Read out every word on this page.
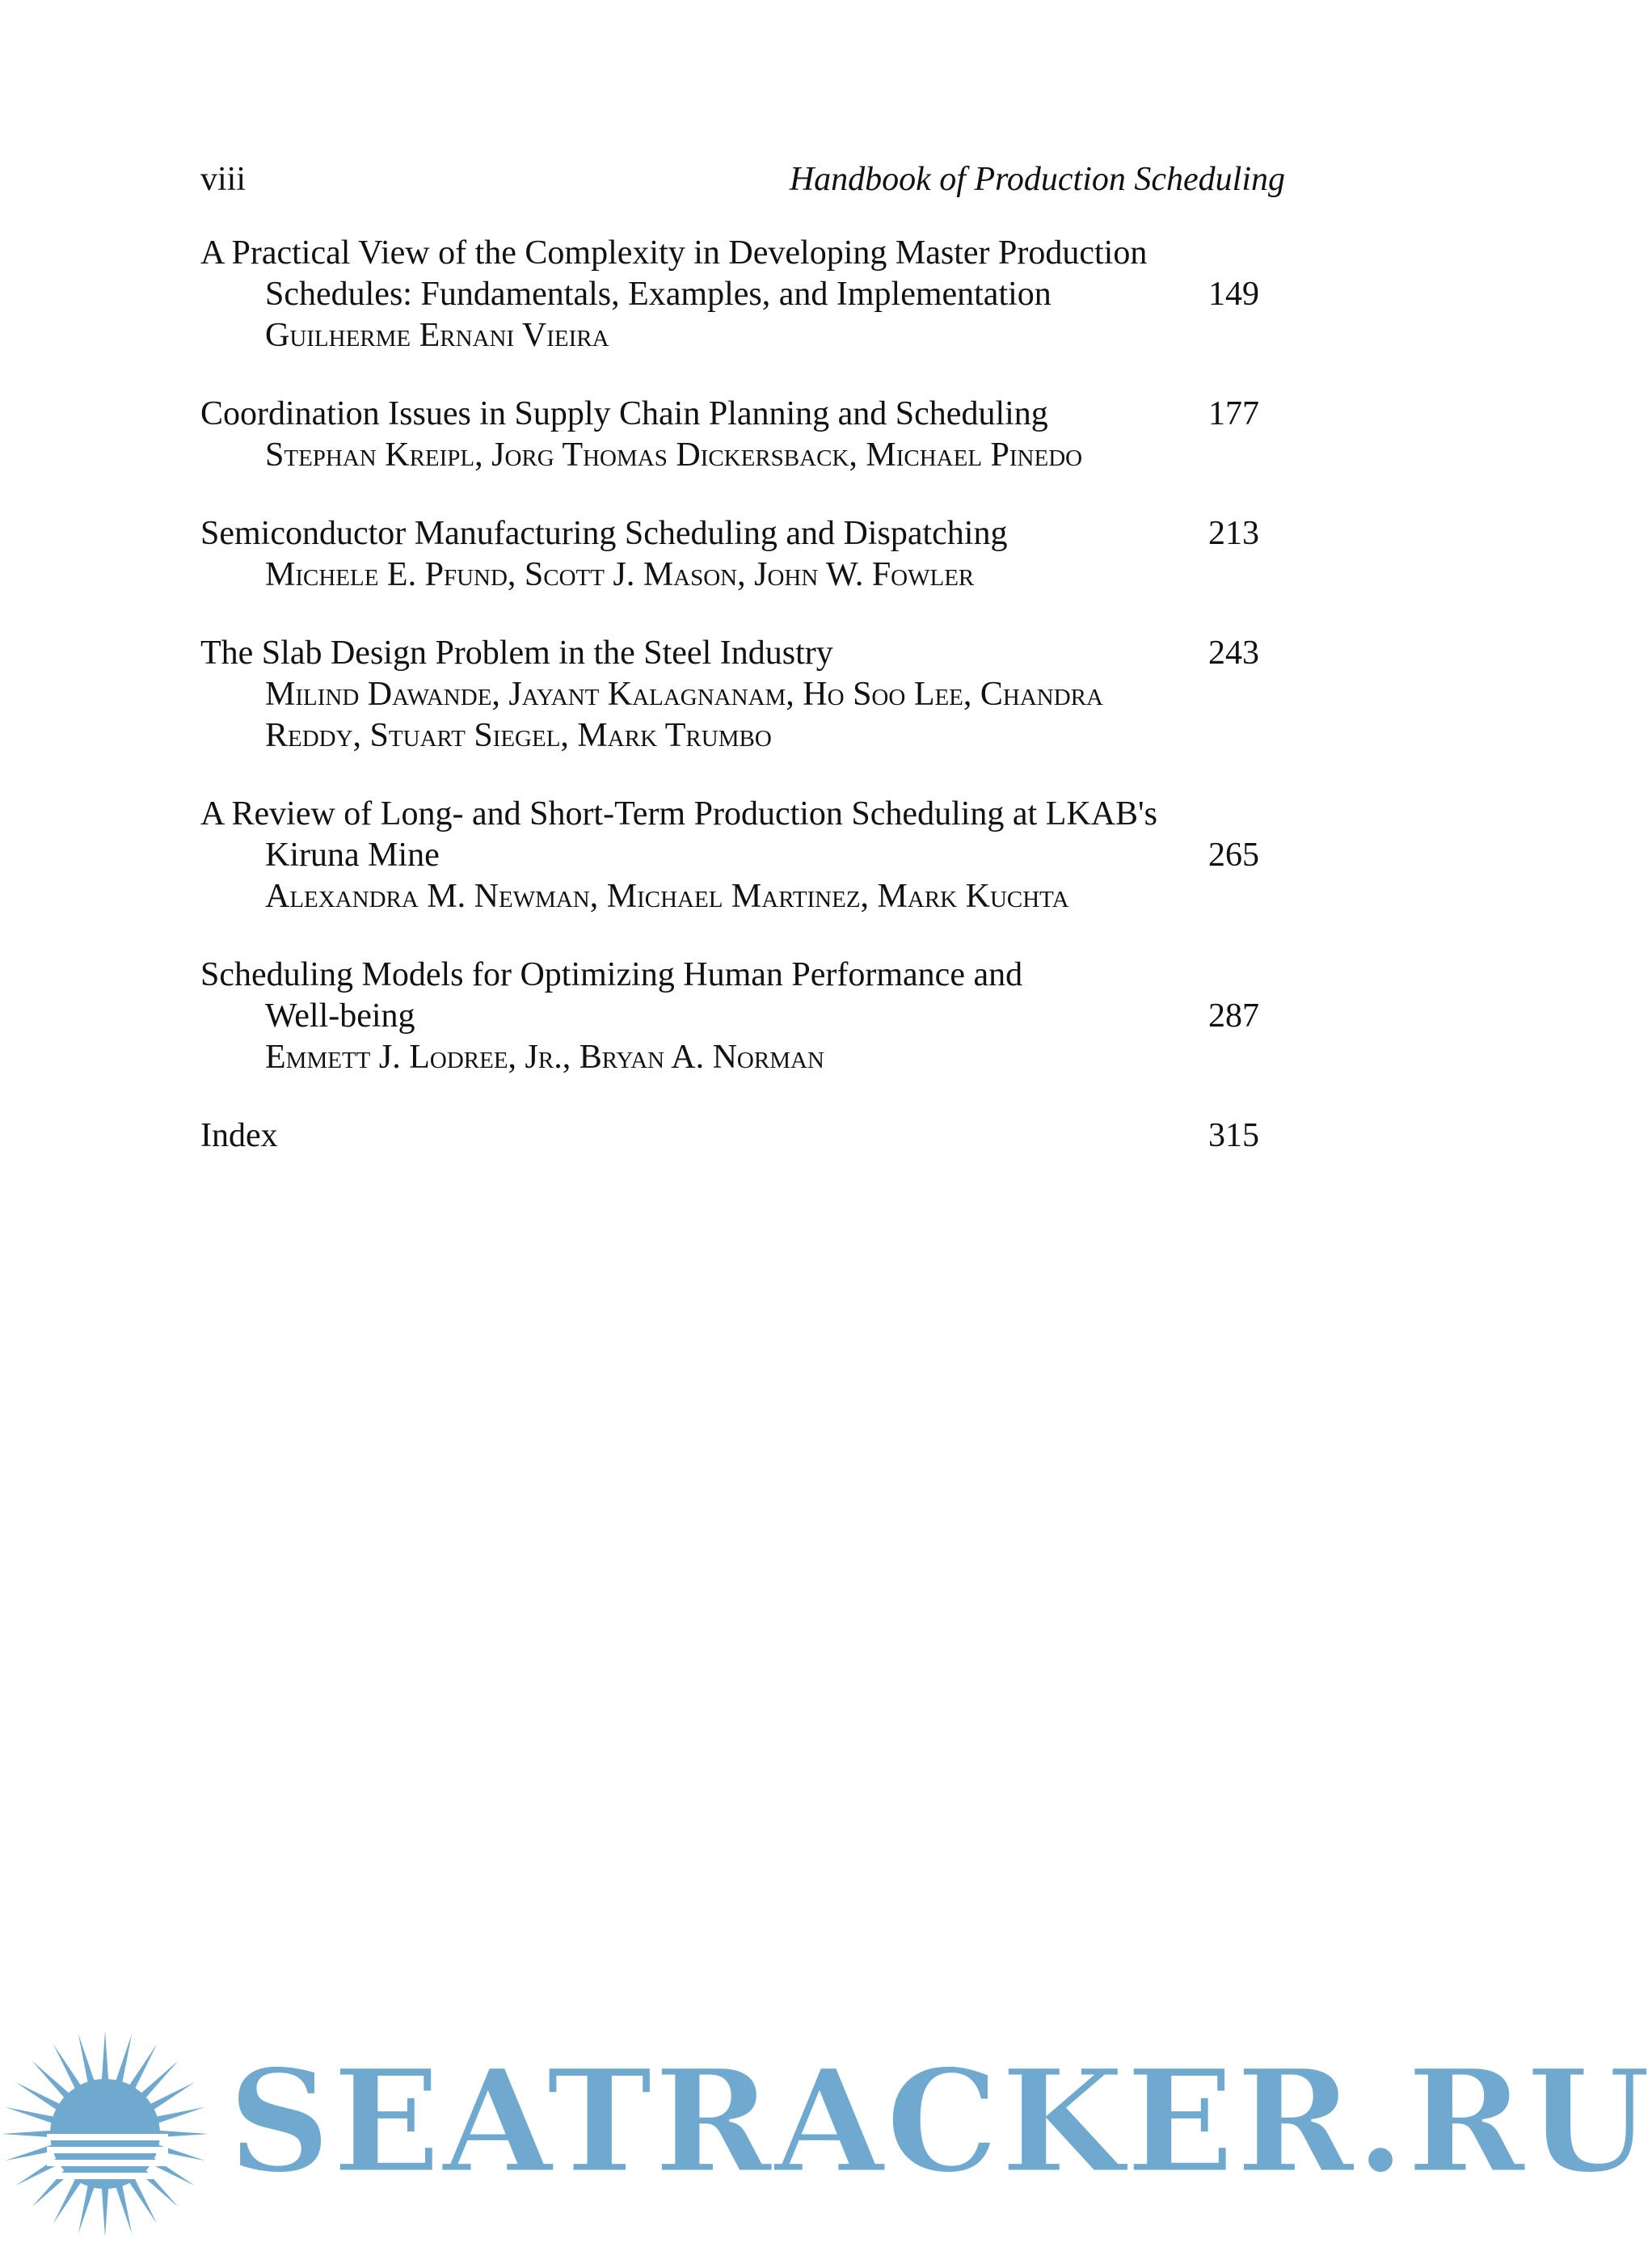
viii	Handbook of Production Scheduling
A Practical View of the Complexity in Developing Master Production
Schedules: Fundamentals, Examples, and Implementation	149
Guilherme Ernani Vieira
Coordination Issues in Supply Chain Planning and Scheduling	177
Stephan Kreipl, Jorg Thomas Dickersback, Michael Pinedo
Semiconductor Manufacturing Scheduling and Dispatching	213
Michele E. Pfund, Scott J. Mason, John W. Fowler
The Slab Design Problem in the Steel Industry	243
Milind Dawande, Jayant Kalagnanam, Ho Soo Lee, Chandra
Reddy, Stuart Siegel, Mark Trumbo
A Review of Long- and Short-Term Production Scheduling at LKAB's
Kiruna Mine	265
Alexandra M. Newman, Michael Martinez, Mark Kuchta
Scheduling Models for Optimizing Human Performance and
Well-being	287
Emmett J. Lodree, Jr., Bryan A. Norman
Index	315
SEATRACKER.RU
